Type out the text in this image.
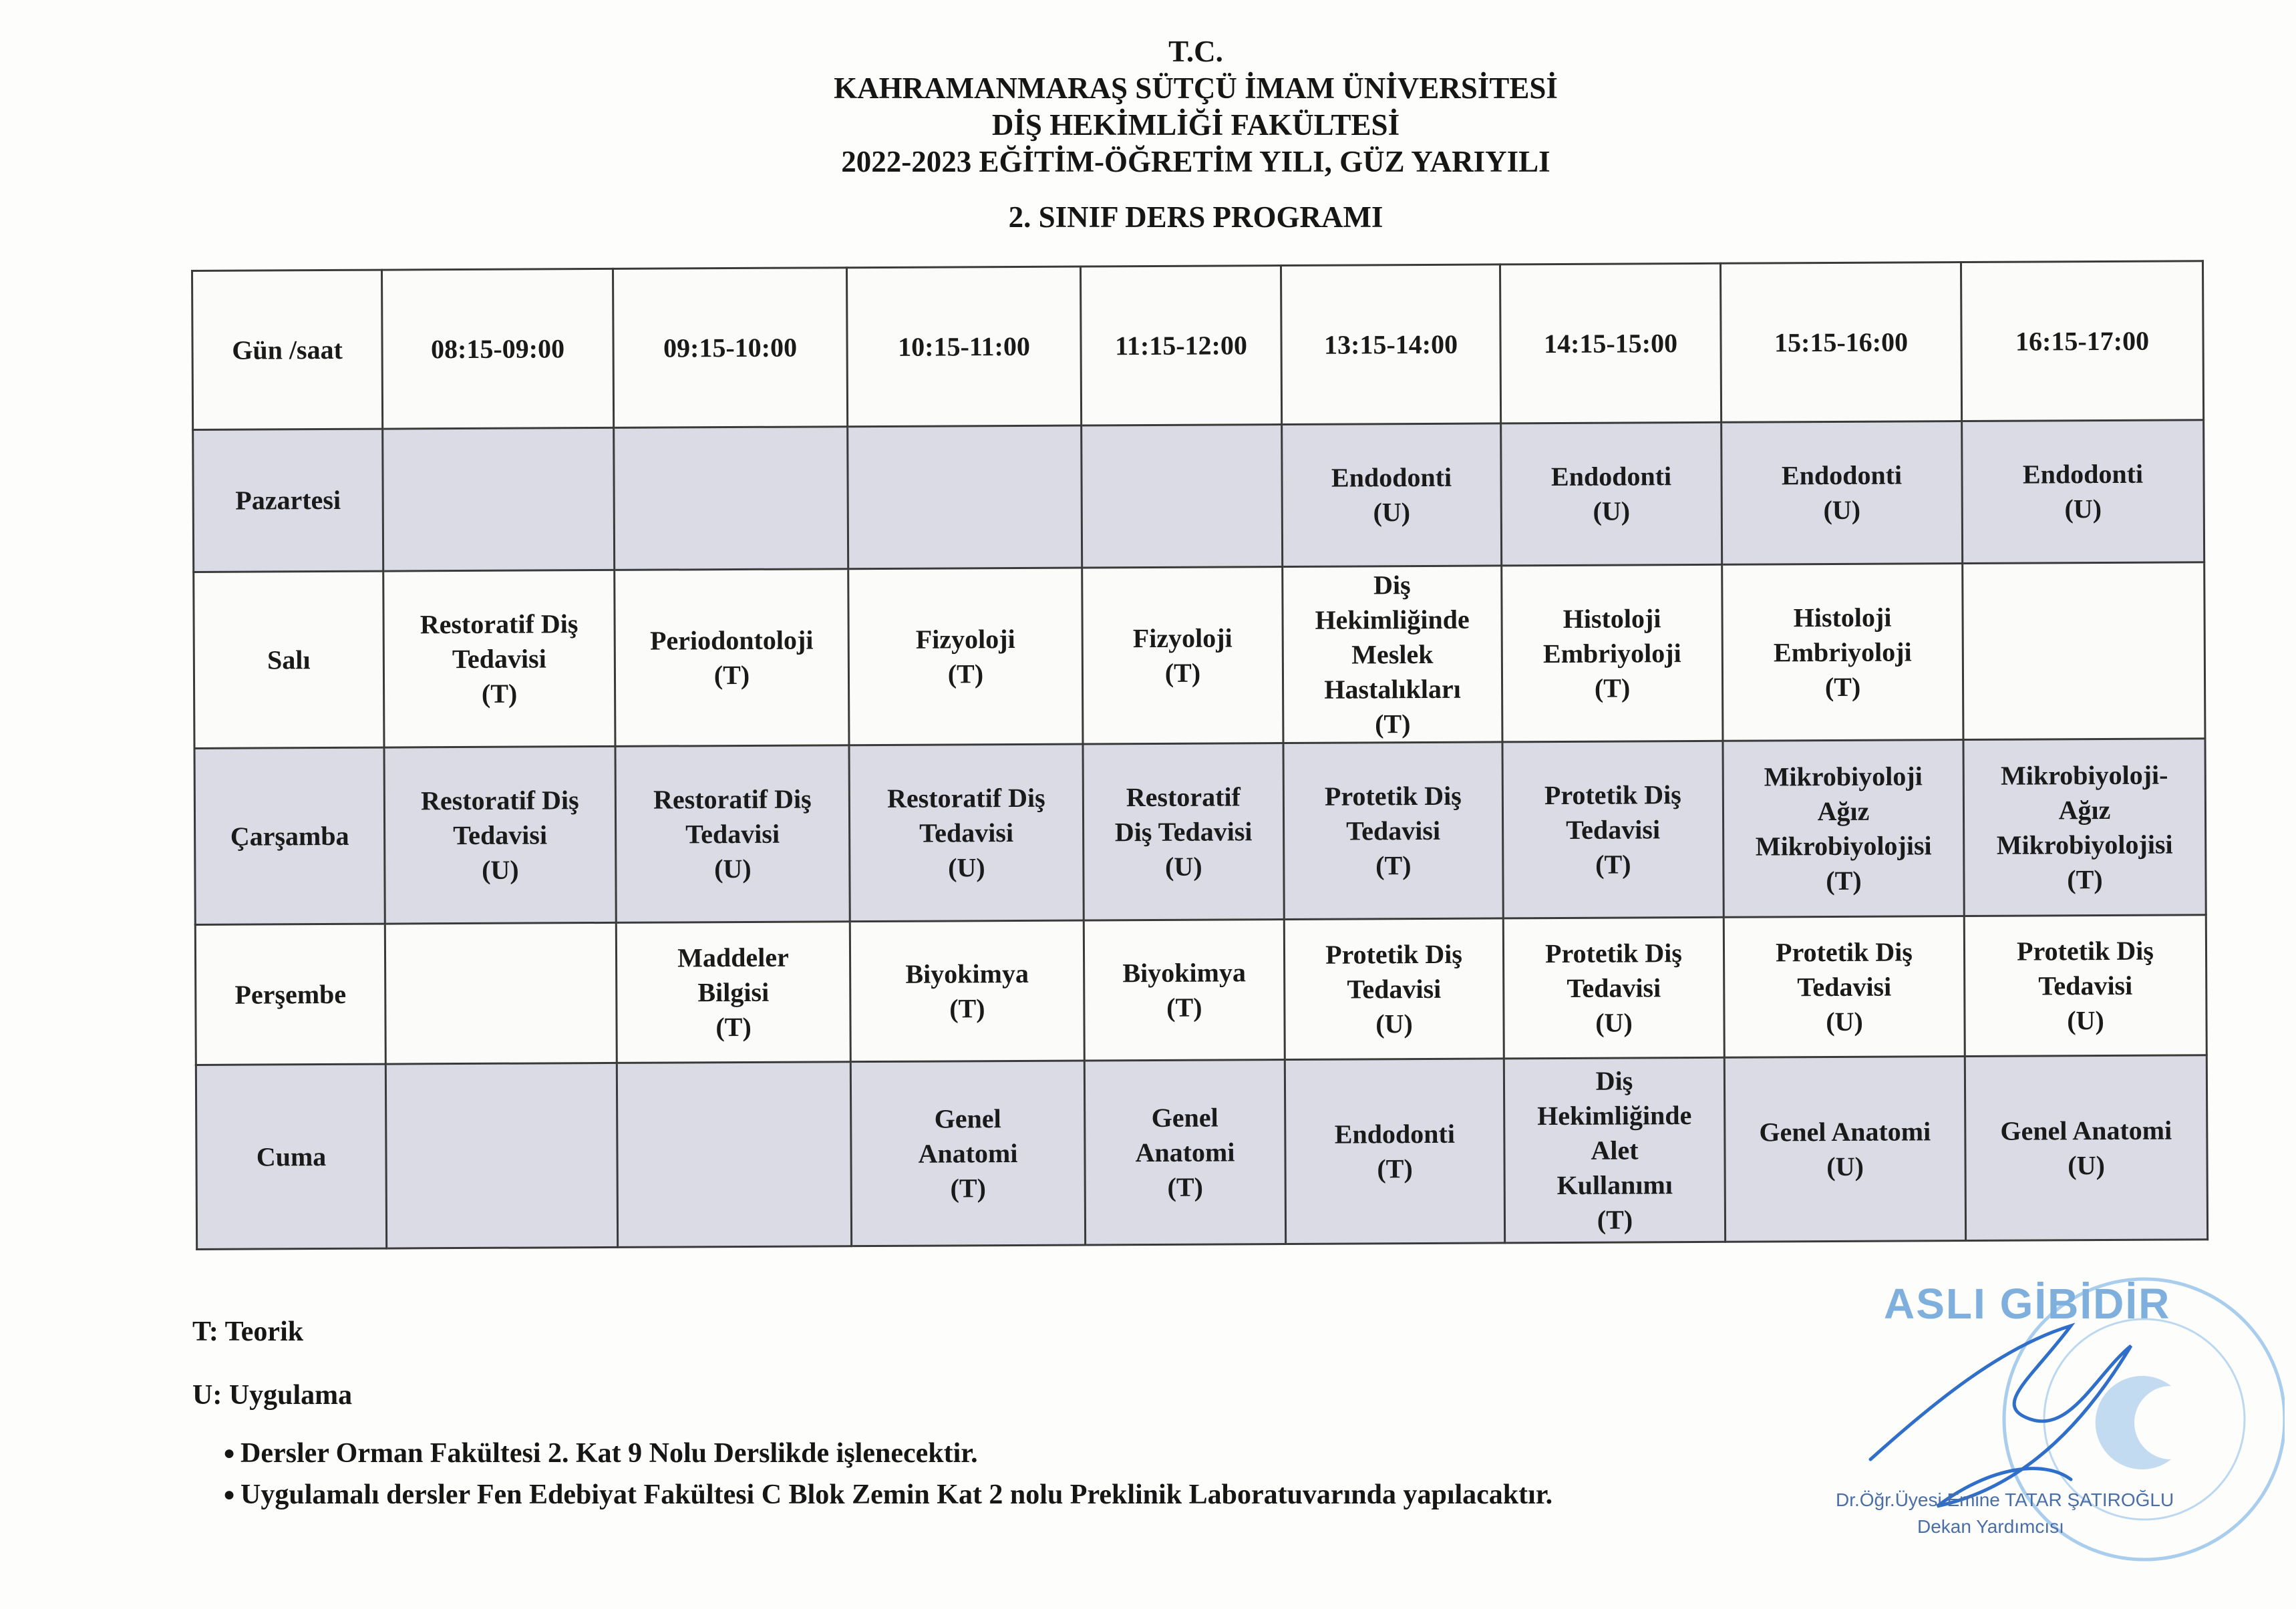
T.C.
KAHRAMANMARAŞ SÜTÇÜ İMAM ÜNİVERSİTESİ
DİŞ HEKİMLİĞİ FAKÜLTESİ
2022-2023 EĞİTİM-ÖĞRETİM YILI, GÜZ YARIYILI
2. SINIF DERS PROGRAMI
Gün /saat	08:15-09:00	09:15-10:00	10:15-11:00	11:15-12:00	13:15-14:00	14:15-15:00	15:15-16:00	16:15-17:00
Pazartesi					Endodonti
(U)	Endodonti
(U)	Endodonti
(U)	Endodonti
(U)
Salı	Restoratif Diş
Tedavisi
(T)	Periodontoloji
(T)	Fizyoloji
(T)	Fizyoloji
(T)	Diş
Hekimliğinde
Meslek
Hastalıkları
(T)	Histoloji
Embriyoloji
(T)	Histoloji
Embriyoloji
(T)	
Çarşamba	Restoratif Diş
Tedavisi
(U)	Restoratif Diş
Tedavisi
(U)	Restoratif Diş
Tedavisi
(U)	Restoratif
Diş Tedavisi
(U)	Protetik Diş
Tedavisi
(T)	Protetik Diş
Tedavisi
(T)	Mikrobiyoloji
Ağız
Mikrobiyolojisi
(T)	Mikrobiyoloji-
Ağız
Mikrobiyolojisi
(T)
Perşembe		Maddeler
Bilgisi
(T)	Biyokimya
(T)	Biyokimya
(T)	Protetik Diş
Tedavisi
(U)	Protetik Diş
Tedavisi
(U)	Protetik Diş
Tedavisi
(U)	Protetik Diş
Tedavisi
(U)
Cuma			Genel
Anatomi
(T)	Genel
Anatomi
(T)	Endodonti
(T)	Diş
Hekimliğinde
Alet
Kullanımı
(T)	Genel Anatomi
(U)	Genel Anatomi
(U)
T: Teorik
U: Uygulama
● Dersler Orman Fakültesi 2. Kat 9 Nolu Derslikde işlenecektir.
● Uygulamalı dersler Fen Edebiyat Fakültesi C Blok Zemin Kat 2 nolu Preklinik Laboratuvarında yapılacaktır.
ASLI GİBİDİR
Dr.Öğr.Üyesi Emine TATAR ŞATIROĞLU
Dekan Yardımcısı
